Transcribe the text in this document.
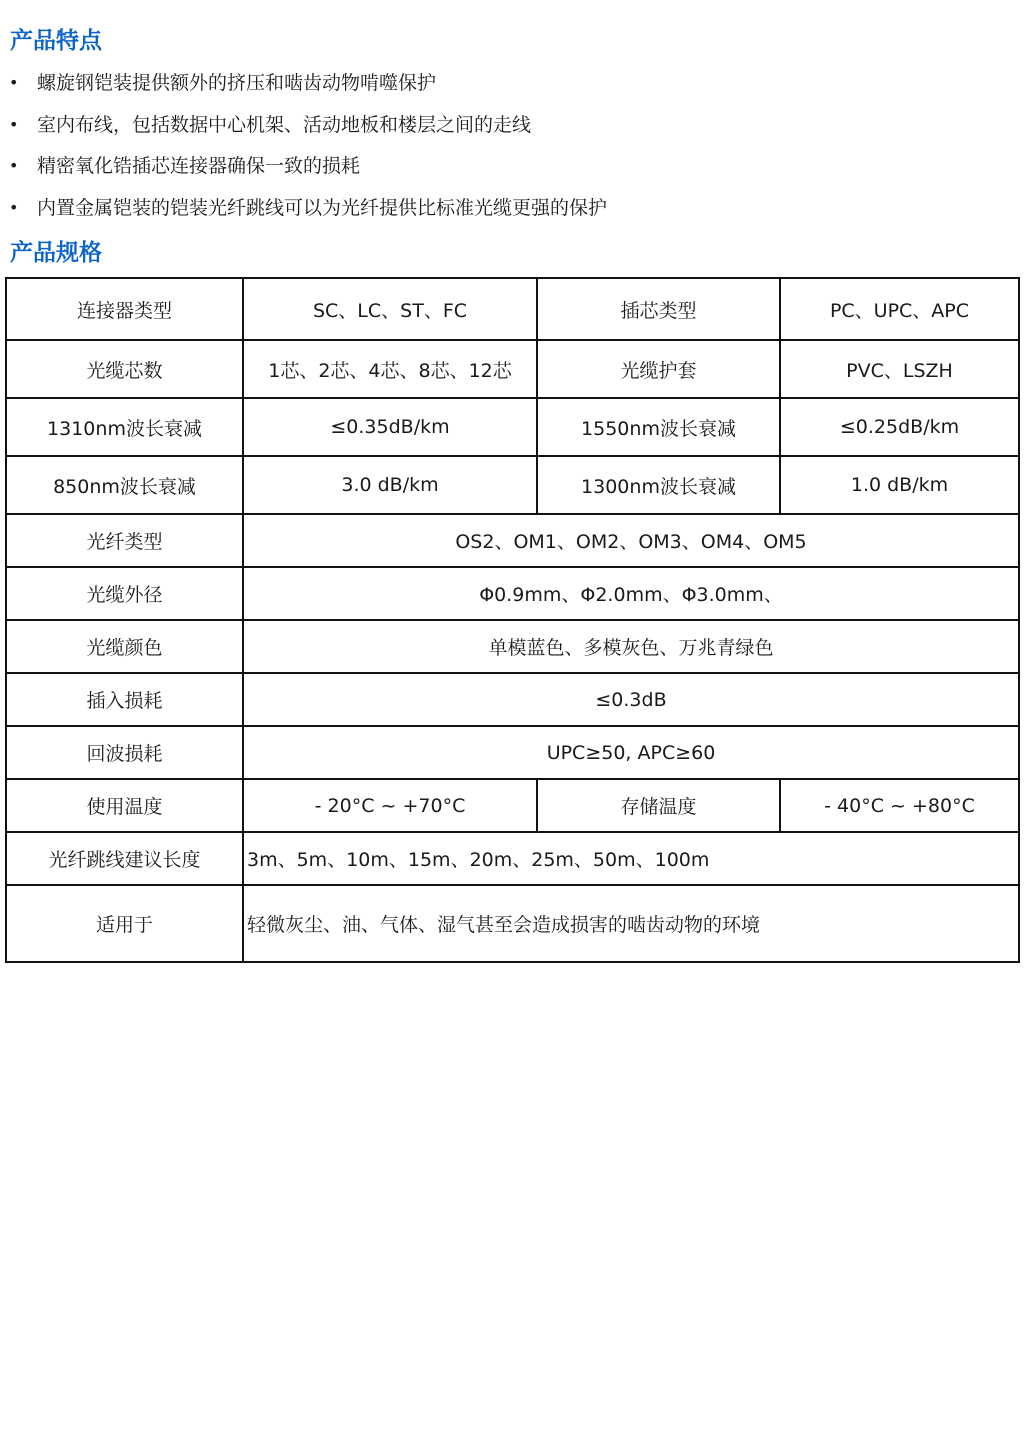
产品特点
• 螺旋钢铠装提供额外的挤压和啮齿动物啃噬保护
• 室内布线，包括数据中心机架、活动地板和楼层之间的走线
• 精密氧化锆插芯连接器确保一致的损耗
• 内置金属铠装的铠装光纤跳线可以为光纤提供比标准光缆更强的保护
产品规格
连接器类型	SC、LC、ST、FC	插芯类型	PC、UPC、APC
光缆芯数	1芯、2芯、4芯、8芯、12芯	光缆护套	PVC、LSZH
1310nm波长衰减	≤0.35dB/km	1550nm波长衰减	≤0.25dB/km
850nm波长衰减	3.0 dB/km	1300nm波长衰减	1.0 dB/km
光纤类型	OS2、OM1、OM2、OM3、OM4、OM5		
光缆外径	Φ0.9mm、Φ2.0mm、Φ3.0mm、		
光缆颜色	单模蓝色、多模灰色、万兆青绿色		
插入损耗	≤0.3dB		
回波损耗	UPC≥50, APC≥60		
使用温度	- 20°C ~ +70°C	存储温度	- 40°C ~ +80°C
光纤跳线建议长度	3m、5m、10m、15m、20m、25m、50m、100m		
适用于	轻微灰尘、油、气体、湿气甚至会造成损害的啮齿动物的环境		
